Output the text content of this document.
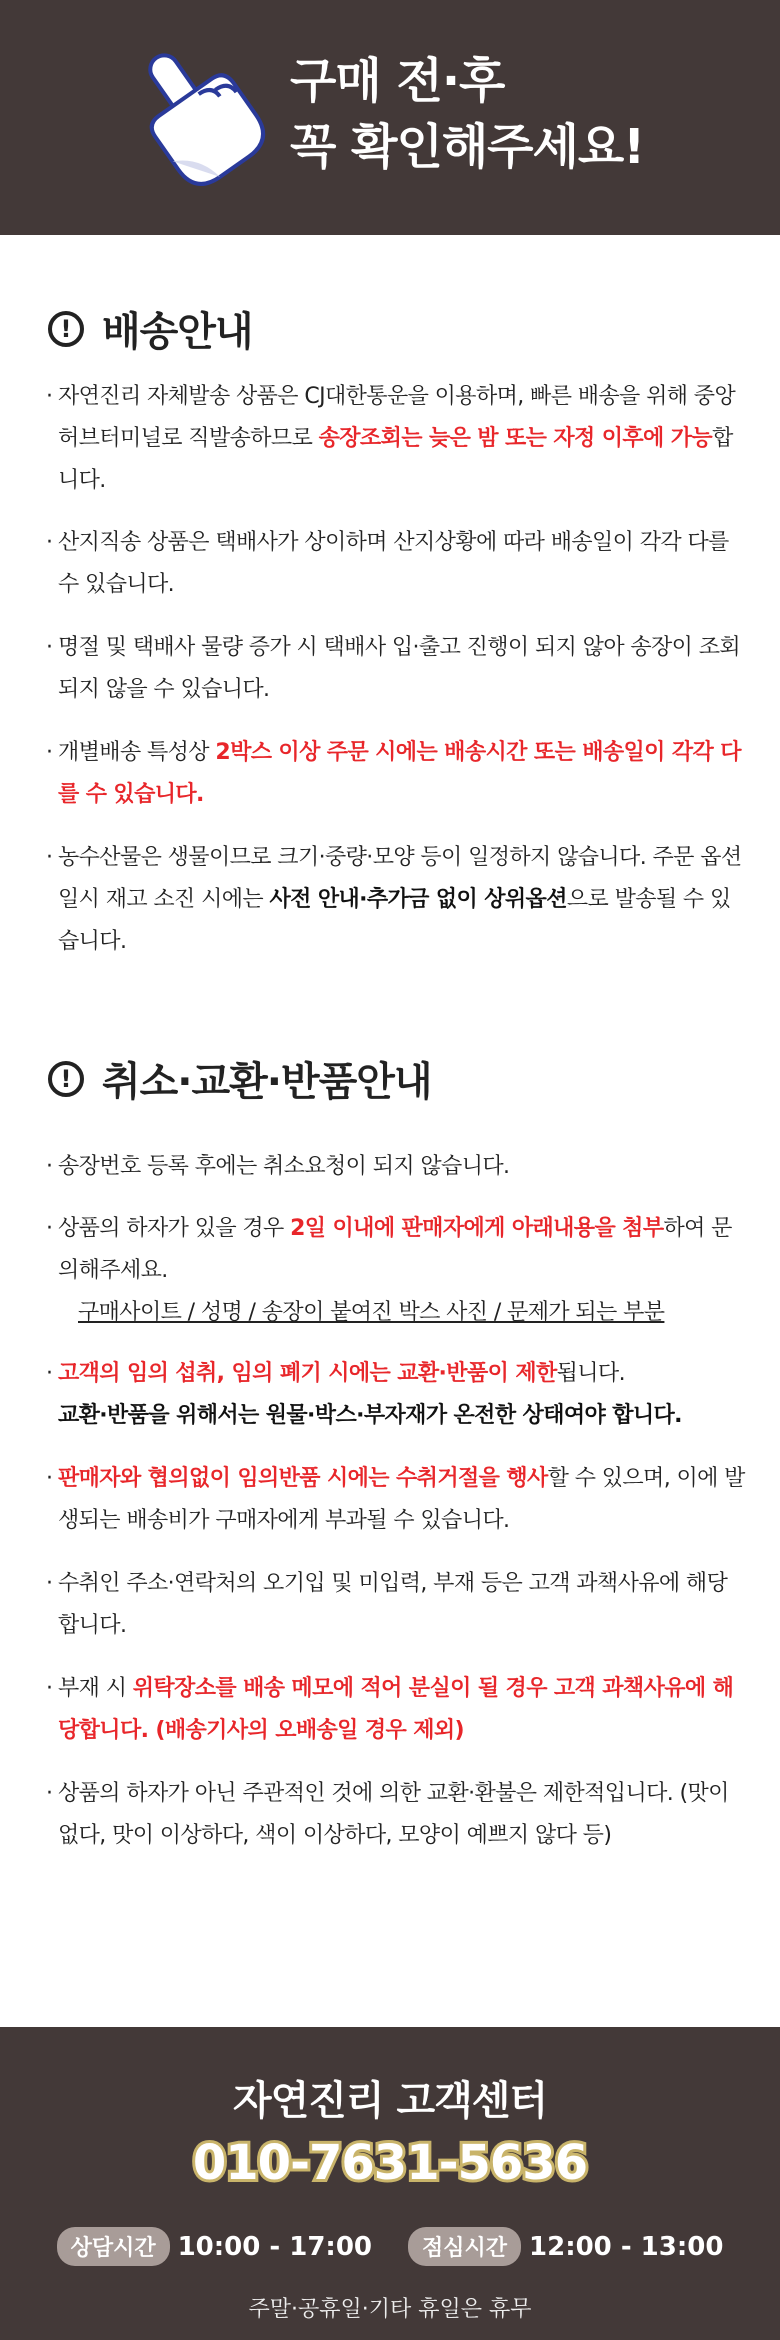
구매 전·후
꼭 확인해주세요!
! 배송안내
· 자연진리 자체발송 상품은 CJ대한통운을 이용하며, 빠른 배송을 위해 중앙허브터미널로 직발송하므로 송장조회는 늦은 밤 또는 자정 이후에 가능합니다.
· 산지직송 상품은 택배사가 상이하며 산지상황에 따라 배송일이 각각 다를 수 있습니다.
· 명절 및 택배사 물량 증가 시 택배사 입·출고 진행이 되지 않아 송장이 조회되지 않을 수 있습니다.
· 개별배송 특성상 2박스 이상 주문 시에는 배송시간 또는 배송일이 각각 다를 수 있습니다.
· 농수산물은 생물이므로 크기·중량·모양 등이 일정하지 않습니다. 주문 옵션 일시 재고 소진 시에는 사전 안내·추가금 없이 상위옵션으로 발송될 수 있습니다.
! 취소·교환·반품안내
· 송장번호 등록 후에는 취소요청이 되지 않습니다.
· 상품의 하자가 있을 경우 2일 이내에 판매자에게 아래내용을 첨부하여 문의해주세요.
구매사이트 / 성명 / 송장이 붙여진 박스 사진 / 문제가 되는 부분
· 고객의 임의 섭취, 임의 폐기 시에는 교환·반품이 제한됩니다.
교환·반품을 위해서는 원물·박스·부자재가 온전한 상태여야 합니다.
· 판매자와 협의없이 임의반품 시에는 수취거절을 행사할 수 있으며, 이에 발생되는 배송비가 구매자에게 부과될 수 있습니다.
· 수취인 주소·연락처의 오기입 및 미입력, 부재 등은 고객 과책사유에 해당합니다.
· 부재 시 위탁장소를 배송 메모에 적어 분실이 될 경우 고객 과책사유에 해당합니다. (배송기사의 오배송일 경우 제외)
· 상품의 하자가 아닌 주관적인 것에 의한 교환·환불은 제한적입니다. (맛이 없다, 맛이 이상하다, 색이 이상하다, 모양이 예쁘지 않다 등)
자연진리 고객센터
010-7631-5636
상담시간 10:00 - 17:00	점심시간 12:00 - 13:00
주말·공휴일·기타 휴일은 휴무
